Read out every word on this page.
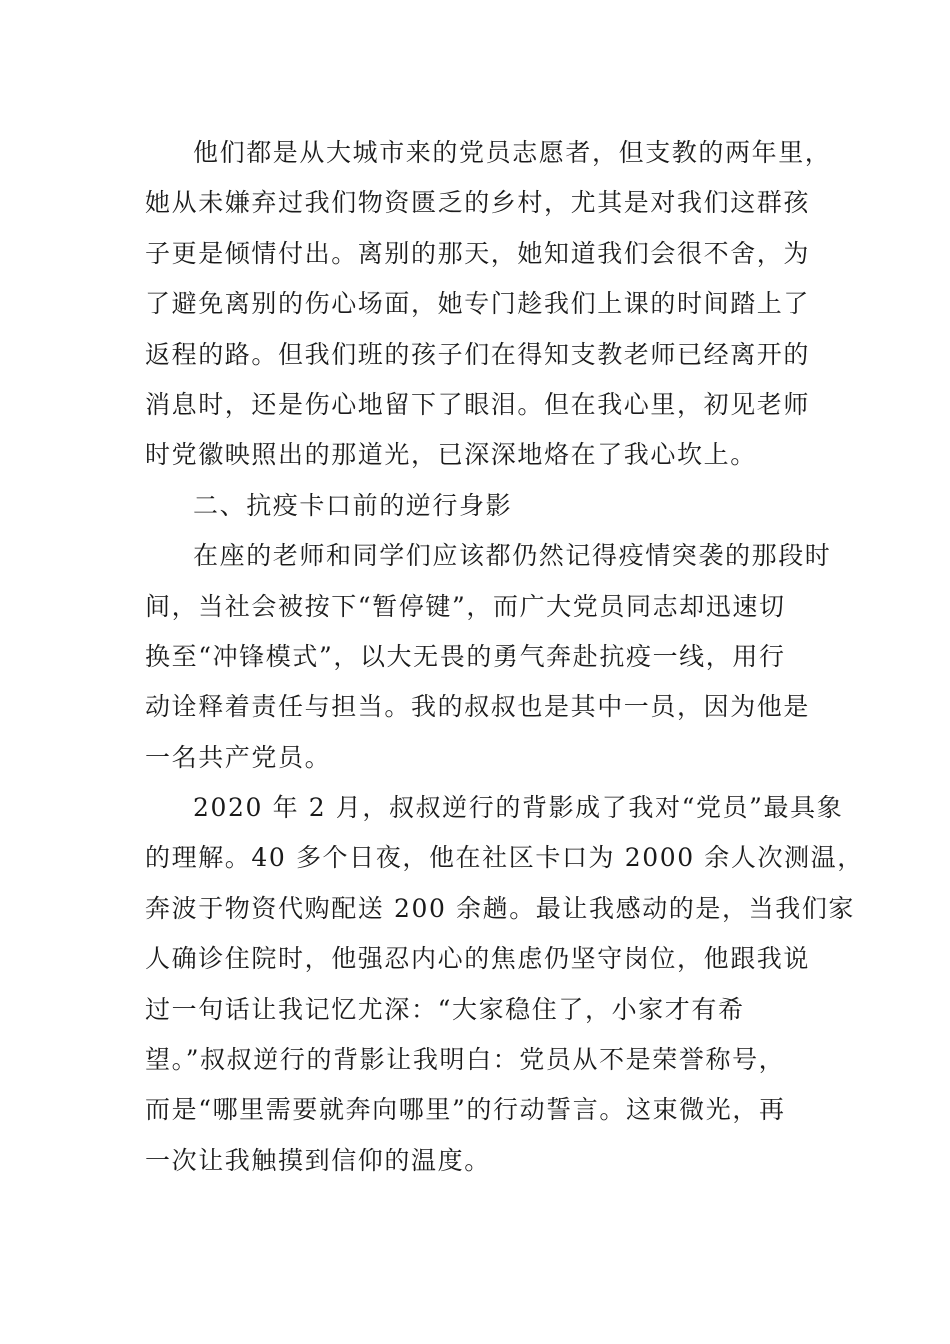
他们都是从大城市来的党员志愿者，但支教的两年里，
她从未嫌弃过我们物资匮乏的乡村，尤其是对我们这群孩
子更是倾情付出。离别的那天，她知道我们会很不舍，为
了避免离别的伤心场面，她专门趁我们上课的时间踏上了
返程的路。但我们班的孩子们在得知支教老师已经离开的
消息时，还是伤心地留下了眼泪。但在我心里，初见老师
时党徽映照出的那道光，已深深地烙在了我心坎上。
二、抗疫卡口前的逆行身影
在座的老师和同学们应该都仍然记得疫情突袭的那段时
间，当社会被按下“暂停键”，而广大党员同志却迅速切
换至“冲锋模式”，以大无畏的勇气奔赴抗疫一线，用行
动诠释着责任与担当。我的叔叔也是其中一员，因为他是
一名共产党员。
2020 年 2 月，叔叔逆行的背影成了我对“党员”最具象
的理解。40 多个日夜，他在社区卡口为 2000 余人次测温，
奔波于物资代购配送 200 余趟。最让我感动的是，当我们家
人确诊住院时，他强忍内心的焦虑仍坚守岗位，他跟我说
过一句话让我记忆尤深：“大家稳住了，小家才有希
望。”叔叔逆行的背影让我明白：党员从不是荣誉称号，
而是“哪里需要就奔向哪里”的行动誓言。这束微光，再
一次让我触摸到信仰的温度。
